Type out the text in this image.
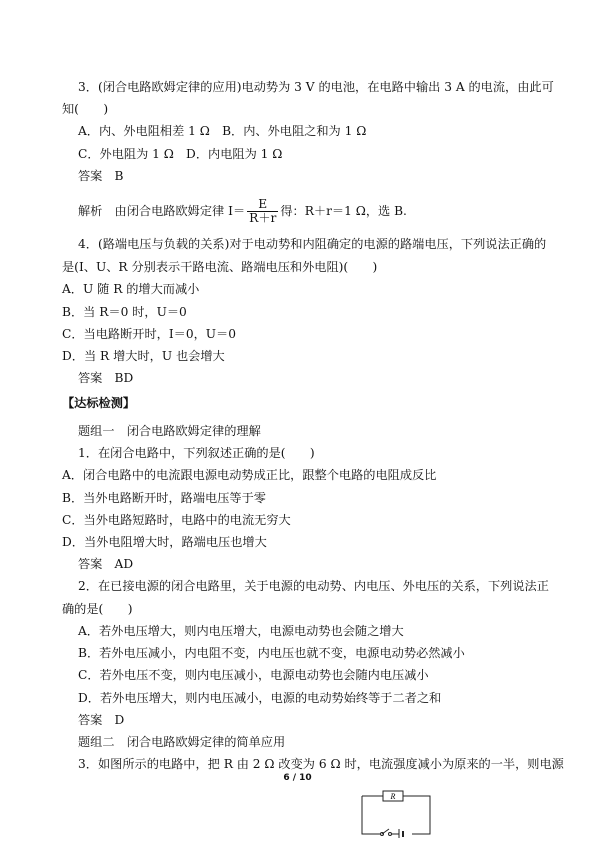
3．(闭合电路欧姆定律的应用)电动势为 3 V 的电池，在电路中输出 3 A 的电流，由此可
知(　　)
A．内、外电阻相差 1 Ω　B．内、外电阻之和为 1 Ω
C．外电阻为 1 Ω　D．内电阻为 1 Ω
答案　B
4．(路端电压与负载的关系)对于电动势和内阻确定的电源的路端电压，下列说法正确的
是(I、U、R 分别表示干路电流、路端电压和外电阻)(　　)
A．U 随 R 的增大而减小
B．当 R＝0 时，U＝0
C．当电路断开时，I＝0，U＝0
D．当 R 增大时，U 也会增大
答案　BD
【达标检测】
题组一　闭合电路欧姆定律的理解
1．在闭合电路中，下列叙述正确的是(　　)
A．闭合电路中的电流跟电源电动势成正比，跟整个电路的电阻成反比
B．当外电路断开时，路端电压等于零
C．当外电路短路时，电路中的电流无穷大
D．当外电阻增大时，路端电压也增大
答案　AD
2．在已接电源的闭合电路里，关于电源的电动势、内电压、外电压的关系，下列说法正
确的是(　　)
A．若外电压增大，则内电压增大，电源电动势也会随之增大
B．若外电压减小，内电阻不变，内电压也就不变，电源电动势必然减小
C．若外电压不变，则内电压减小，电源电动势也会随内电压减小
D．若外电压增大，则内电压减小，电源的电动势始终等于二者之和
答案　D
题组二　闭合电路欧姆定律的简单应用
3．如图所示的电路中，把 R 由 2 Ω 改变为 6 Ω 时，电流强度减小为原来的一半，则电源
解析　由闭合电路欧姆定律 $I= \frac{E}{R+r}$ 得：R＋r＝1 Ω，选 B.
6 / 10
R
